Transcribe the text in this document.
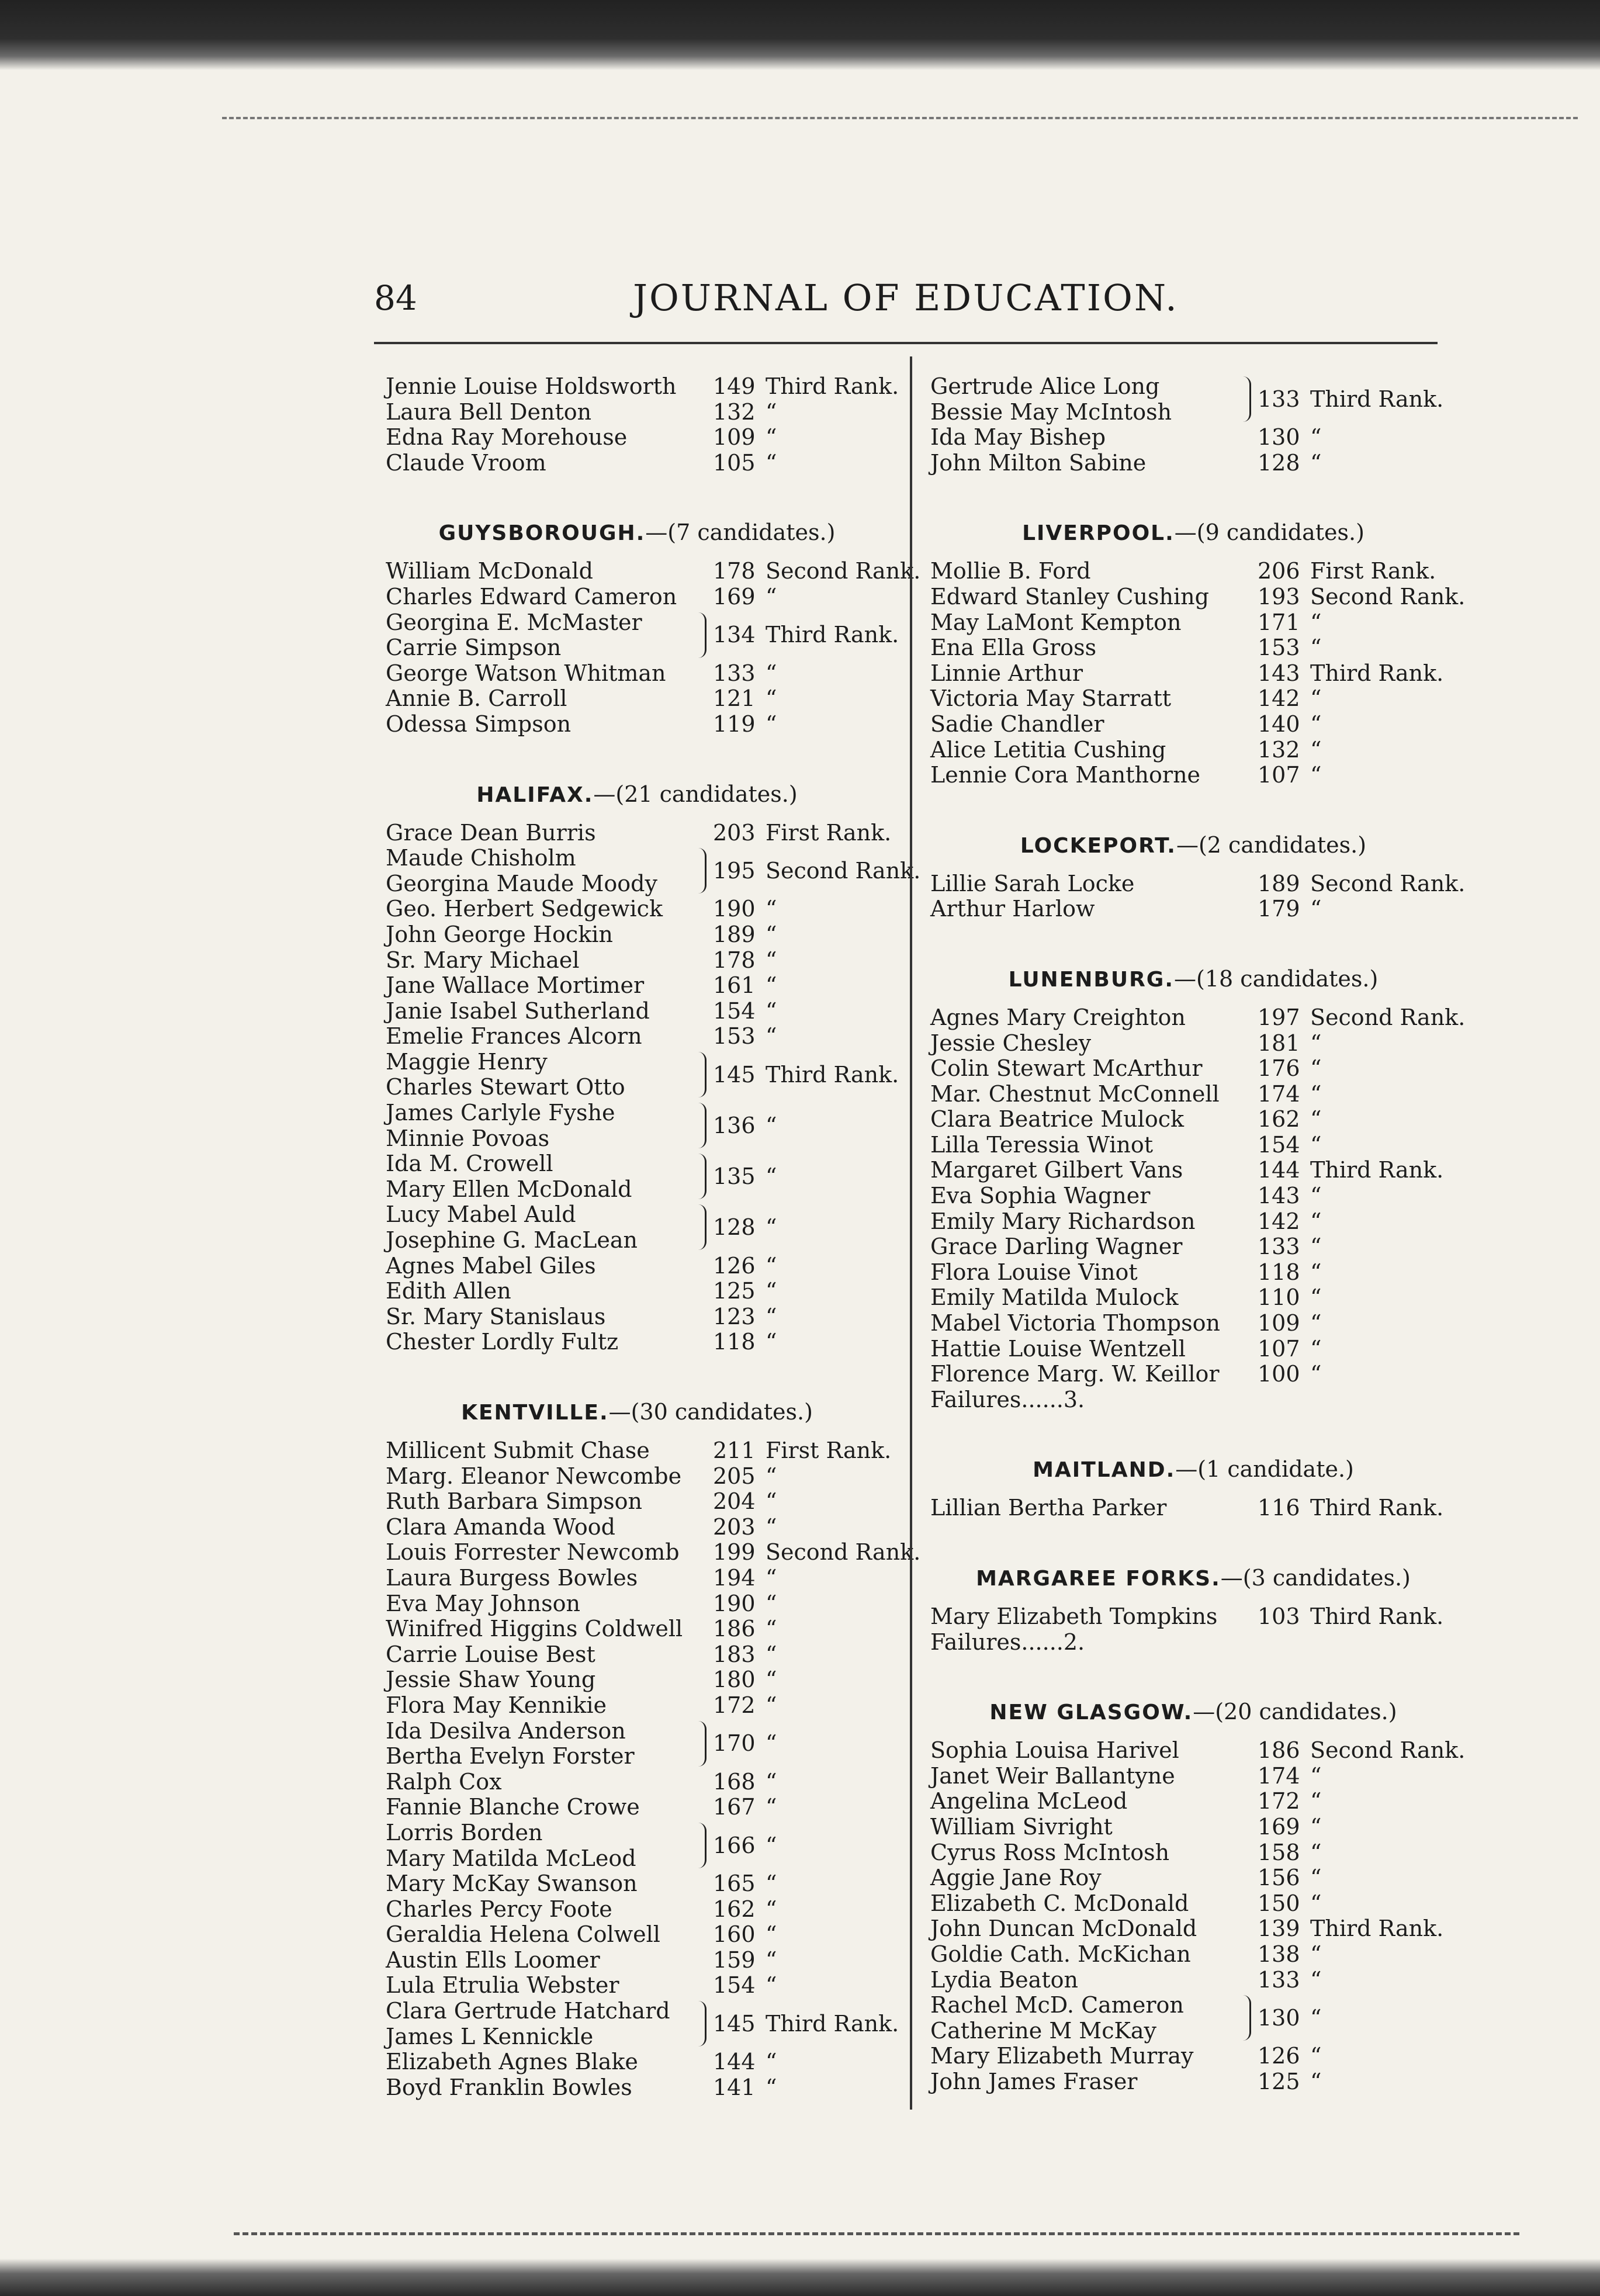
84	JOURNAL OF EDUCATION.
Jennie Louise Holdsworth 149 Third Rank.
Laura Bell Denton	132 “
Edna Ray Morehouse	109 “
Claude Vroom	105 “
GUYSBOROUGH.—(7 candidates.)
William McDonald	178 Second Rank.
Charles Edward Cameron 169 “
Georgina E. McMaster
Carrie Simpson	134 Third Rank.
George Watson Whitman 133 “
Annie B. Carroll	121 “
Odessa Simpson	119 “
HALIFAX.—(21 candidates.)
Grace Dean Burris	203 First Rank.
Maude Chisholm
Georgina Maude Moody	195 Second Rank.
Geo. Herbert Sedgewick 190 “
John George Hockin	189 “
Sr. Mary Michael	178 “
Jane Wallace Mortimer	161 “
Janie Isabel Sutherland	154 “
Emelie Frances Alcorn	153 “
Maggie Henry
Charles Stewart Otto	145 Third Rank.
James Carlyle Fyshe
Minnie Povoas	136 “
Ida M. Crowell
Mary Ellen McDonald	135 “
Lucy Mabel Auld
Josephine G. MacLean	128 “
Agnes Mabel Giles	126 “
Edith Allen	125 “
Sr. Mary Stanislaus	123 “
Chester Lordly Fultz	118 “
KENTVILLE.—(30 candidates.)
Millicent Submit Chase	211 First Rank.
Marg. Eleanor Newcombe 205 “
Ruth Barbara Simpson	204 “
Clara Amanda Wood	203 “
Louis Forrester Newcomb 199 Second Rank.
Laura Burgess Bowles	194 “
Eva May Johnson	190 “
Winifred Higgins Coldwell 186 “
Carrie Louise Best	183 “
Jessie Shaw Young	180 “
Flora May Kennikie	172 “
Ida Desilva Anderson
Bertha Evelyn Forster	170 “
Ralph Cox	168 “
Fannie Blanche Crowe	167 “
Lorris Borden
Mary Matilda McLeod	166 “
Mary McKay Swanson	165 “
Charles Percy Foote	162 “
Geraldia Helena Colwell 160 “
Austin Ells Loomer	159 “
Lula Etrulia Webster	154 “
Clara Gertrude Hatchard
James L Kennickle	145 Third Rank.
Elizabeth Agnes Blake	144 “
Boyd Franklin Bowles	141 “
Gertrude Alice Long
Bessie May McIntosh	133 Third Rank.
Ida May Bishep	130 “
John Milton Sabine	128 “
LIVERPOOL.—(9 candidates.)
Mollie B. Ford	206 First Rank.
Edward Stanley Cushing 193 Second Rank.
May LaMont Kempton	171 “
Ena Ella Gross	153 “
Linnie Arthur	143 Third Rank.
Victoria May Starratt	142 “
Sadie Chandler	140 “
Alice Letitia Cushing	132 “
Lennie Cora Manthorne	107 “
LOCKEPORT.—(2 candidates.)
Lillie Sarah Locke	189 Second Rank.
Arthur Harlow	179 “
LUNENBURG.—(18 candidates.)
Agnes Mary Creighton	197 Second Rank.
Jessie Chesley	181 “
Colin Stewart McArthur 176 “
Mar. Chestnut McConnell 174 “
Clara Beatrice Mulock	162 “
Lilla Teressia Winot	154 “
Margaret Gilbert Vans	144 Third Rank.
Eva Sophia Wagner	143 “
Emily Mary Richardson	142 “
Grace Darling Wagner	133 “
Flora Louise Vinot	118 “
Emily Matilda Mulock	110 “
Mabel Victoria Thompson 109 “
Hattie Louise Wentzell	107 “
Florence Marg. W. Keillor 100 “
Failures......3.
MAITLAND.—(1 candidate.)
Lillian Bertha Parker	116 Third Rank.
MARGAREE FORKS.—(3 candidates.)
Mary Elizabeth Tompkins 103 Third Rank.
Failures......2.
NEW GLASGOW.—(20 candidates.)
Sophia Louisa Harivel	186 Second Rank.
Janet Weir Ballantyne	174 “
Angelina McLeod	172 “
William Sivright	169 “
Cyrus Ross McIntosh	158 “
Aggie Jane Roy	156 “
Elizabeth C. McDonald	150 “
John Duncan McDonald	139 Third Rank.
Goldie Cath. McKichan	138 “
Lydia Beaton	133 “
Rachel McD. Cameron
Catherine M McKay	130 “
Mary Elizabeth Murray	126 “
John James Fraser	125 “
